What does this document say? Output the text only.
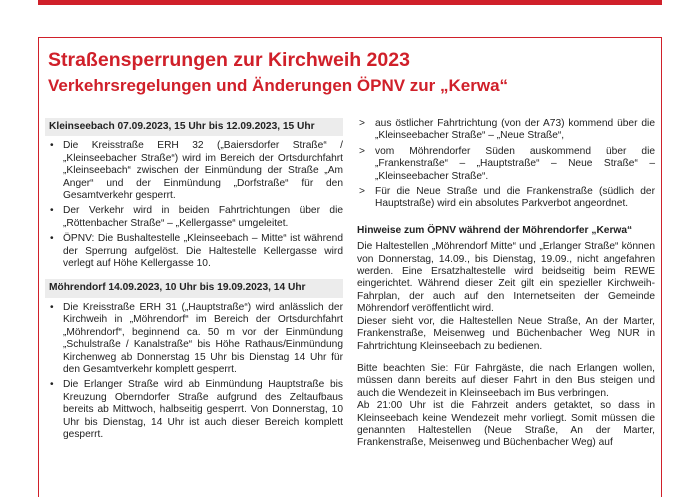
Straßensperrungen zur Kirchweih 2023
Verkehrsregelungen und Änderungen ÖPNV zur „Kerwa“
Kleinseebach 07.09.2023, 15 Uhr bis 12.09.2023, 15 Uhr
• Die Kreisstraße ERH 32 („Baiersdorfer Straße“ / „Kleinseebacher Straße“) wird im Bereich der Ortsdurchfahrt „Kleinseebach“ zwischen der Einmündung der Straße „Am Anger“ und der Einmündung „Dorfstraße“ für den Gesamtverkehr gesperrt.
• Der Verkehr wird in beiden Fahrtrichtungen über die „Röttenbacher Straße“ – „Kellergasse“ umgeleitet.
• ÖPNV: Die Bushaltestelle „Kleinseebach – Mitte“ ist während der Sperrung aufgelöst. Die Haltestelle Kellergasse wird verlegt auf Höhe Kellergasse 10.
Möhrendorf 14.09.2023, 10 Uhr bis 19.09.2023, 14 Uhr
• Die Kreisstraße ERH 31 („Hauptstraße“) wird anlässlich der Kirchweih in „Möhrendorf“ im Bereich der Ortsdurchfahrt „Möhrendorf“, beginnend ca. 50 m vor der Einmündung „Schulstraße / Kanalstraße“ bis Höhe Rathaus/Einmündung Kirchenweg ab Donnerstag 15 Uhr bis Dienstag 14 Uhr für den Gesamtverkehr komplett gesperrt.
• Die Erlanger Straße wird ab Einmündung Hauptstraße bis Kreuzung Oberndorfer Straße aufgrund des Zeltaufbaus bereits ab Mittwoch, halbseitig gesperrt. Von Donnerstag, 10 Uhr bis Dienstag, 14 Uhr ist auch dieser Bereich komplett gesperrt.
> aus östlicher Fahrtrichtung (von der A73) kommend über die „Kleinseebacher Straße“ – „Neue Straße“,
> vom Möhrendorfer Süden auskommend über die „Frankenstraße“ – „Hauptstraße“ – Neue Straße“ – „Kleinseebacher Straße“.
> Für die Neue Straße und die Frankenstraße (südlich der Hauptstraße) wird ein absolutes Parkverbot angeordnet.
Hinweise zum ÖPNV während der Möhrendorfer „Kerwa“

Die Haltestellen „Möhrendorf Mitte“ und „Erlanger Straße“ können von Donnerstag, 14.09., bis Dienstag, 19.09., nicht angefahren werden. Eine Ersatzhaltestelle wird beidseitig beim REWE eingerichtet. Während dieser Zeit gilt ein spezieller Kirchweih-Fahrplan, der auch auf den Internetseiten der Gemeinde Möhrendorf veröffentlicht wird.

Dieser sieht vor, die Haltestellen Neue Straße, An der Marter, Frankenstraße, Meisenweg und Büchenbacher Weg NUR in Fahrtrichtung Kleinseebach zu bedienen.

Bitte beachten Sie: Für Fahrgäste, die nach Erlangen wollen, müssen dann bereits auf dieser Fahrt in den Bus steigen und auch die Wendezeit in Kleinseebach im Bus verbringen.

Ab 21:00 Uhr ist die Fahrzeit anders getaktet, so dass in Kleinseebach keine Wendezeit mehr vorliegt. Somit müssen die genannten Haltestellen (Neue Straße, An der Marter, Frankenstraße, Meisenweg und Büchenbacher Weg) auf
